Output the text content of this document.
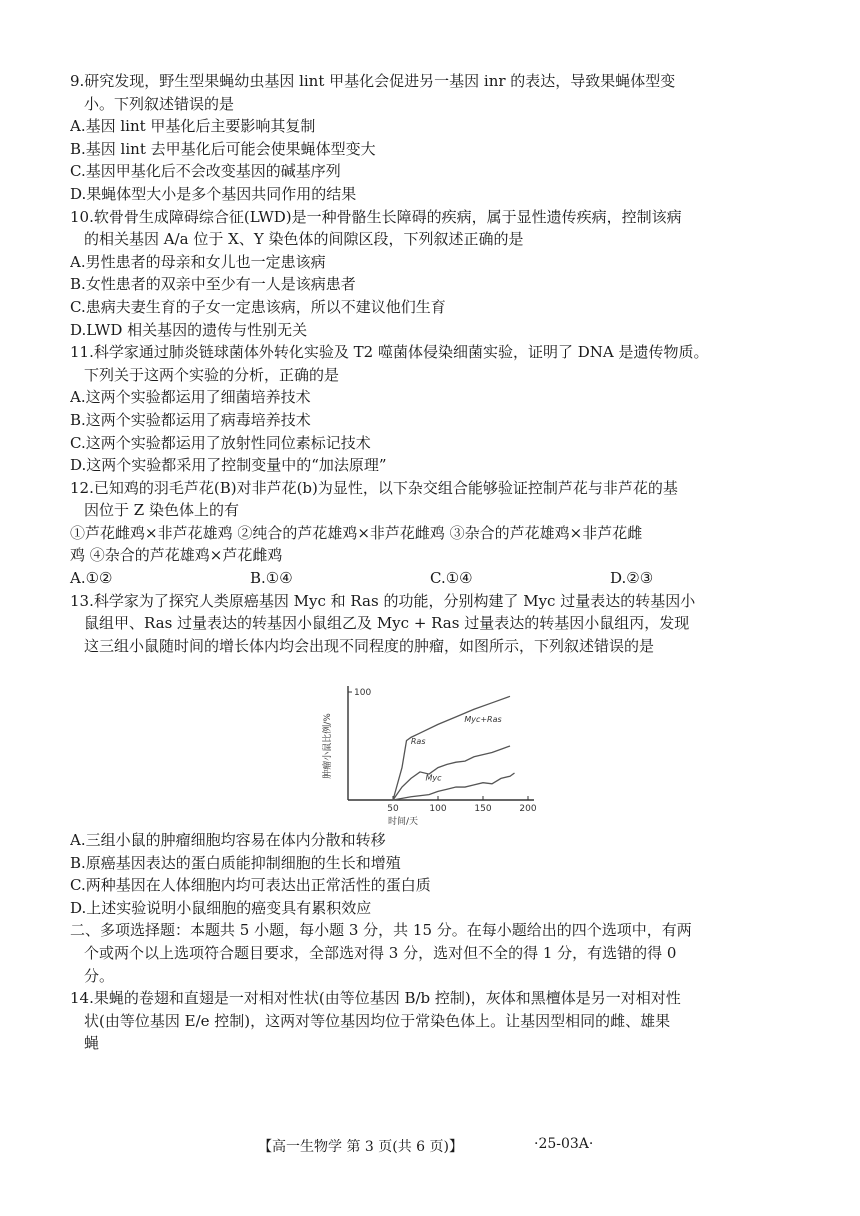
9.研究发现，野生型果蝇幼虫基因 lint 甲基化会促进另一基因 inr 的表达，导致果蝇体型变
小。下列叙述错误的是
A.基因 lint 甲基化后主要影响其复制
B.基因 lint 去甲基化后可能会使果蝇体型变大
C.基因甲基化后不会改变基因的碱基序列
D.果蝇体型大小是多个基因共同作用的结果
10.软骨骨生成障碍综合征(LWD)是一种骨骼生长障碍的疾病，属于显性遗传疾病，控制该病
的相关基因 A/a 位于 X、Y 染色体的间隙区段，下列叙述正确的是
A.男性患者的母亲和女儿也一定患该病
B.女性患者的双亲中至少有一人是该病患者
C.患病夫妻生育的子女一定患该病，所以不建议他们生育
D.LWD 相关基因的遗传与性别无关
11.科学家通过肺炎链球菌体外转化实验及 T2 噬菌体侵染细菌实验，证明了 DNA 是遗传物质。
下列关于这两个实验的分析，正确的是
A.这两个实验都运用了细菌培养技术
B.这两个实验都运用了病毒培养技术
C.这两个实验都运用了放射性同位素标记技术
D.这两个实验都采用了控制变量中的“加法原理”
12.已知鸡的羽毛芦花(B)对非芦花(b)为显性，以下杂交组合能够验证控制芦花与非芦花的基
因位于 Z 染色体上的有
①芦花雌鸡×非芦花雄鸡 ②纯合的芦花雄鸡×非芦花雌鸡 ③杂合的芦花雄鸡×非芦花雌
鸡 ④杂合的芦花雄鸡×芦花雌鸡
A.①②	B.①④	C.①④	D.②③
13.科学家为了探究人类原癌基因 Myc 和 Ras 的功能，分别构建了 Myc 过量表达的转基因小
鼠组甲、Ras 过量表达的转基因小鼠组乙及 Myc + Ras 过量表达的转基因小鼠组丙，发现
这三组小鼠随时间的增长体内均会出现不同程度的肿瘤，如图所示，下列叙述错误的是
100
50	100	150	200
肿瘤小鼠比例/%
时间/天
Myc+Ras
Ras
Myc
A.三组小鼠的肿瘤细胞均容易在体内分散和转移
B.原癌基因表达的蛋白质能抑制细胞的生长和增殖
C.两种基因在人体细胞内均可表达出正常活性的蛋白质
D.上述实验说明小鼠细胞的癌变具有累积效应
二、多项选择题：本题共 5 小题，每小题 3 分，共 15 分。在每小题给出的四个选项中，有两
个或两个以上选项符合题目要求，全部选对得 3 分，选对但不全的得 1 分，有选错的得 0
分。
14.果蝇的卷翅和直翅是一对相对性状(由等位基因 B/b 控制)，灰体和黑檀体是另一对相对性
状(由等位基因 E/e 控制)，这两对等位基因均位于常染色体上。让基因型相同的雌、雄果
蝇
【高一生物学 第 3 页(共 6 页)】	·25-03A·
